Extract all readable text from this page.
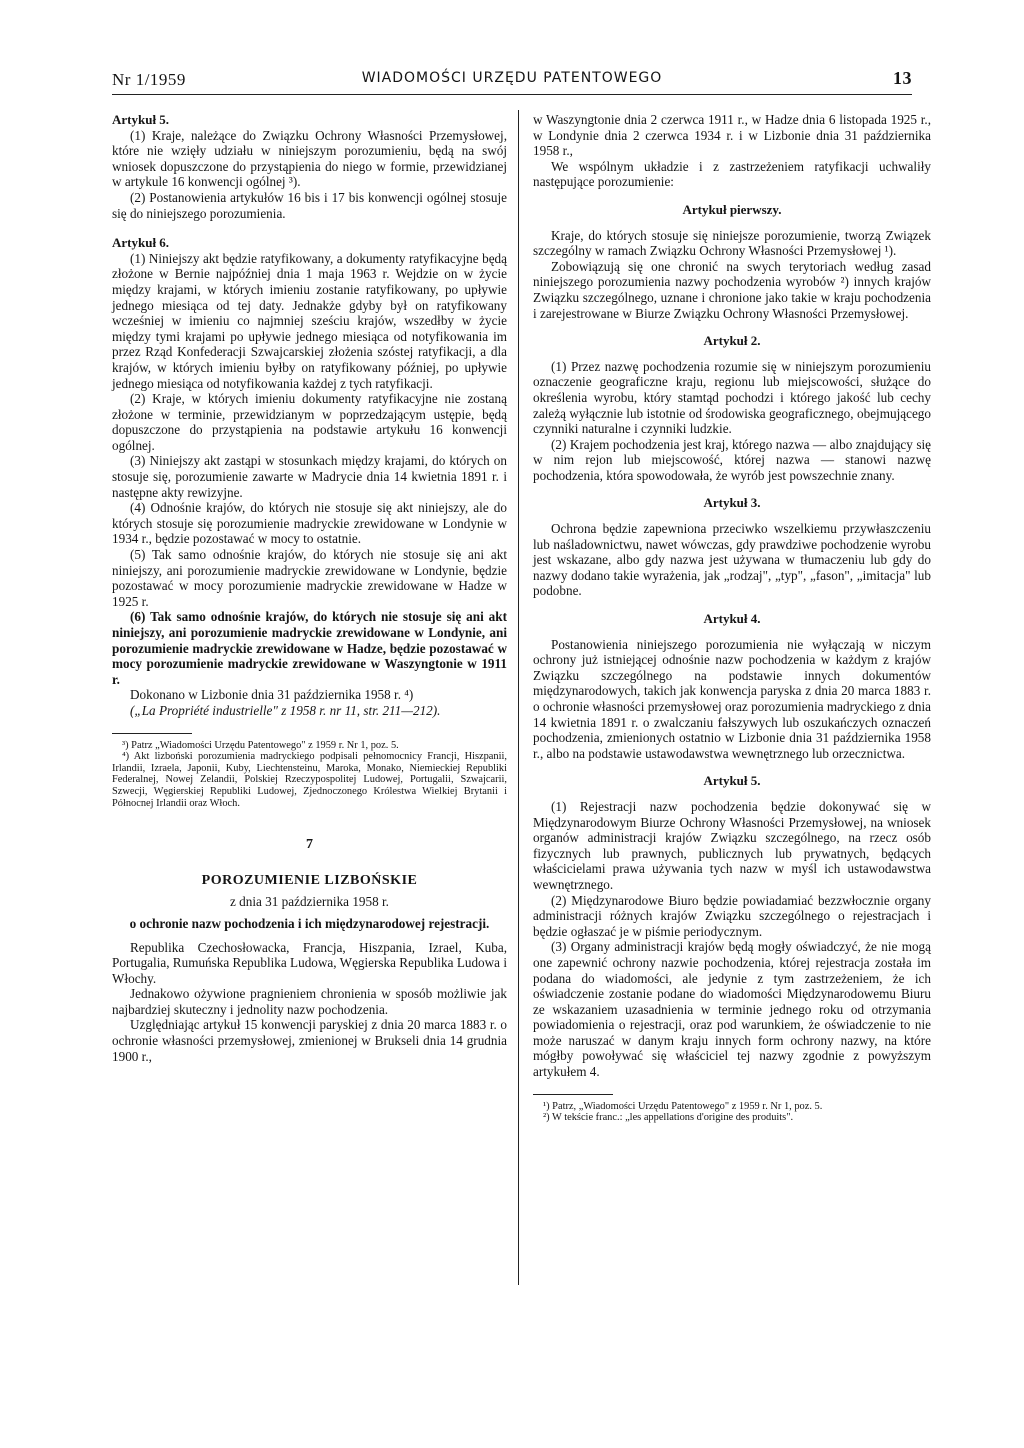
Nr 1/1959	WIADOMOŚCI URZĘDU PATENTOWEGO	13

Artykuł 5.

(1) Kraje, należące do Związku Ochrony Własności Przemysłowej, które nie wzięły udziału w niniejszym porozumieniu, będą na swój wniosek dopuszczone do przystąpienia do niego w formie, przewidzianej w artykule 16 konwencji ogólnej ³).

(2) Postanowienia artykułów 16 bis i 17 bis konwencji ogólnej stosuje się do niniejszego porozumienia.

Artykuł 6.

(1) Niniejszy akt będzie ratyfikowany, a dokumenty ratyfikacyjne będą złożone w Bernie najpóźniej dnia 1 maja 1963 r. Wejdzie on w życie między krajami, w których imieniu zostanie ratyfikowany, po upływie jednego miesiąca od tej daty. Jednakże gdyby był on ratyfikowany wcześniej w imieniu co najmniej sześciu krajów, wszedłby w życie między tymi krajami po upływie jednego miesiąca od notyfikowania im przez Rząd Konfederacji Szwajcarskiej złożenia szóstej ratyfikacji, a dla krajów, w których imieniu byłby on ratyfikowany później, po upływie jednego miesiąca od notyfikowania każdej z tych ratyfikacji.

(2) Kraje, w których imieniu dokumenty ratyfikacyjne nie zostaną złożone w terminie, przewidzianym w poprzedzającym ustępie, będą dopuszczone do przystąpienia na podstawie artykułu 16 konwencji ogólnej.

(3) Niniejszy akt zastąpi w stosunkach między krajami, do których on stosuje się, porozumienie zawarte w Madrycie dnia 14 kwietnia 1891 r. i następne akty rewizyjne.

(4) Odnośnie krajów, do których nie stosuje się akt niniejszy, ale do których stosuje się porozumienie madryckie zrewidowane w Londynie w 1934 r., będzie pozostawać w mocy to ostatnie.

(5) Tak samo odnośnie krajów, do których nie stosuje się ani akt niniejszy, ani porozumienie madryckie zrewidowane w Londynie, będzie pozostawać w mocy porozumienie madryckie zrewidowane w Hadze w 1925 r.

(6) Tak samo odnośnie krajów, do których nie stosuje się ani akt niniejszy, ani porozumienie madryckie zrewidowane w Londynie, ani porozumienie madryckie zrewidowane w Hadze, będzie pozostawać w mocy porozumienie madryckie zrewidowane w Waszyngtonie w 1911 r.

Dokonano w Lizbonie dnia 31 października 1958 r. ⁴)

(„La Propriété industrielle" z 1958 r. nr 11, str. 211—212).

³) Patrz „Wiadomości Urzędu Patentowego" z 1959 r. Nr 1, poz. 5.

⁴) Akt lizboński porozumienia madryckiego podpisali pełnomocnicy Francji, Hiszpanii, Irlandii, Izraela, Japonii, Kuby, Liechtensteinu, Maroka, Monako, Niemieckiej Republiki Federalnej, Nowej Zelandii, Polskiej Rzeczypospolitej Ludowej, Portugalii, Szwajcarii, Szwecji, Węgierskiej Republiki Ludowej, Zjednoczonego Królestwa Wielkiej Brytanii i Północnej Irlandii oraz Włoch.

7

POROZUMIENIE LIZBOŃSKIE

z dnia 31 października 1958 r.

o ochronie nazw pochodzenia i ich międzynarodowej rejestracji.

Republika Czechosłowacka, Francja, Hiszpania, Izrael, Kuba, Portugalia, Rumuńska Republika Ludowa, Węgierska Republika Ludowa i Włochy.

Jednakowo ożywione pragnieniem chronienia w sposób możliwie jak najbardziej skuteczny i jednolity nazw pochodzenia.

Uzględniając artykuł 15 konwencji paryskiej z dnia 20 marca 1883 r. o ochronie własności przemysłowej, zmienionej w Brukseli dnia 14 grudnia 1900 r.,

w Waszyngtonie dnia 2 czerwca 1911 r., w Hadze dnia 6 listopada 1925 r., w Londynie dnia 2 czerwca 1934 r. i w Lizbonie dnia 31 października 1958 r.,

We wspólnym układzie i z zastrzeżeniem ratyfikacji uchwaliły następujące porozumienie:

Artykuł pierwszy.

Kraje, do których stosuje się niniejsze porozumienie, tworzą Związek szczególny w ramach Związku Ochrony Własności Przemysłowej ¹).

Zobowiązują się one chronić na swych terytoriach według zasad niniejszego porozumienia nazwy pochodzenia wyrobów ²) innych krajów Związku szczególnego, uznane i chronione jako takie w kraju pochodzenia i zarejestrowane w Biurze Związku Ochrony Własności Przemysłowej.

Artykuł 2.

(1) Przez nazwę pochodzenia rozumie się w niniejszym porozumieniu oznaczenie geograficzne kraju, regionu lub miejscowości, służące do określenia wyrobu, który stamtąd pochodzi i którego jakość lub cechy zależą wyłącznie lub istotnie od środowiska geograficznego, obejmującego czynniki naturalne i czynniki ludzkie.

(2) Krajem pochodzenia jest kraj, którego nazwa — albo znajdujący się w nim rejon lub miejscowość, której nazwa — stanowi nazwę pochodzenia, która spowodowała, że wyrób jest powszechnie znany.

Artykuł 3.

Ochrona będzie zapewniona przeciwko wszelkiemu przywłaszczeniu lub naśladownictwu, nawet wówczas, gdy prawdziwe pochodzenie wyrobu jest wskazane, albo gdy nazwa jest używana w tłumaczeniu lub gdy do nazwy dodano takie wyrażenia, jak „rodzaj", „typ", „fason", „imitacja" lub podobne.

Artykuł 4.

Postanowienia niniejszego porozumienia nie wyłączają w niczym ochrony już istniejącej odnośnie nazw pochodzenia w każdym z krajów Związku szczególnego na podstawie innych dokumentów międzynarodowych, takich jak konwencja paryska z dnia 20 marca 1883 r. o ochronie własności przemysłowej oraz porozumienia madryckiego z dnia 14 kwietnia 1891 r. o zwalczaniu fałszywych lub oszukańczych oznaczeń pochodzenia, zmienionych ostatnio w Lizbonie dnia 31 października 1958 r., albo na podstawie ustawodawstwa wewnętrznego lub orzecznictwa.

Artykuł 5.

(1) Rejestracji nazw pochodzenia będzie dokonywać się w Międzynarodowym Biurze Ochrony Własności Przemysłowej, na wniosek organów administracji krajów Związku szczególnego, na rzecz osób fizycznych lub prawnych, publicznych lub prywatnych, będących właścicielami prawa używania tych nazw w myśl ich ustawodawstwa wewnętrznego.

(2) Międzynarodowe Biuro będzie powiadamiać bezzwłocznie organy administracji różnych krajów Związku szczególnego o rejestracjach i będzie ogłaszać je w piśmie periodycznym.

(3) Organy administracji krajów będą mogły oświadczyć, że nie mogą one zapewnić ochrony nazwie pochodzenia, której rejestracja została im podana do wiadomości, ale jedynie z tym zastrzeżeniem, że ich oświadczenie zostanie podane do wiadomości Międzynarodowemu Biuru ze wskazaniem uzasadnienia w terminie jednego roku od otrzymania powiadomienia o rejestracji, oraz pod warunkiem, że oświadczenie to nie może naruszać w danym kraju innych form ochrony nazwy, na które mógłby powoływać się właściciel tej nazwy zgodnie z powyższym artykułem 4.

¹) Patrz, „Wiadomości Urzędu Patentowego" z 1959 r. Nr 1, poz. 5.

²) W tekście franc.: „les appellations d'origine des produits".
